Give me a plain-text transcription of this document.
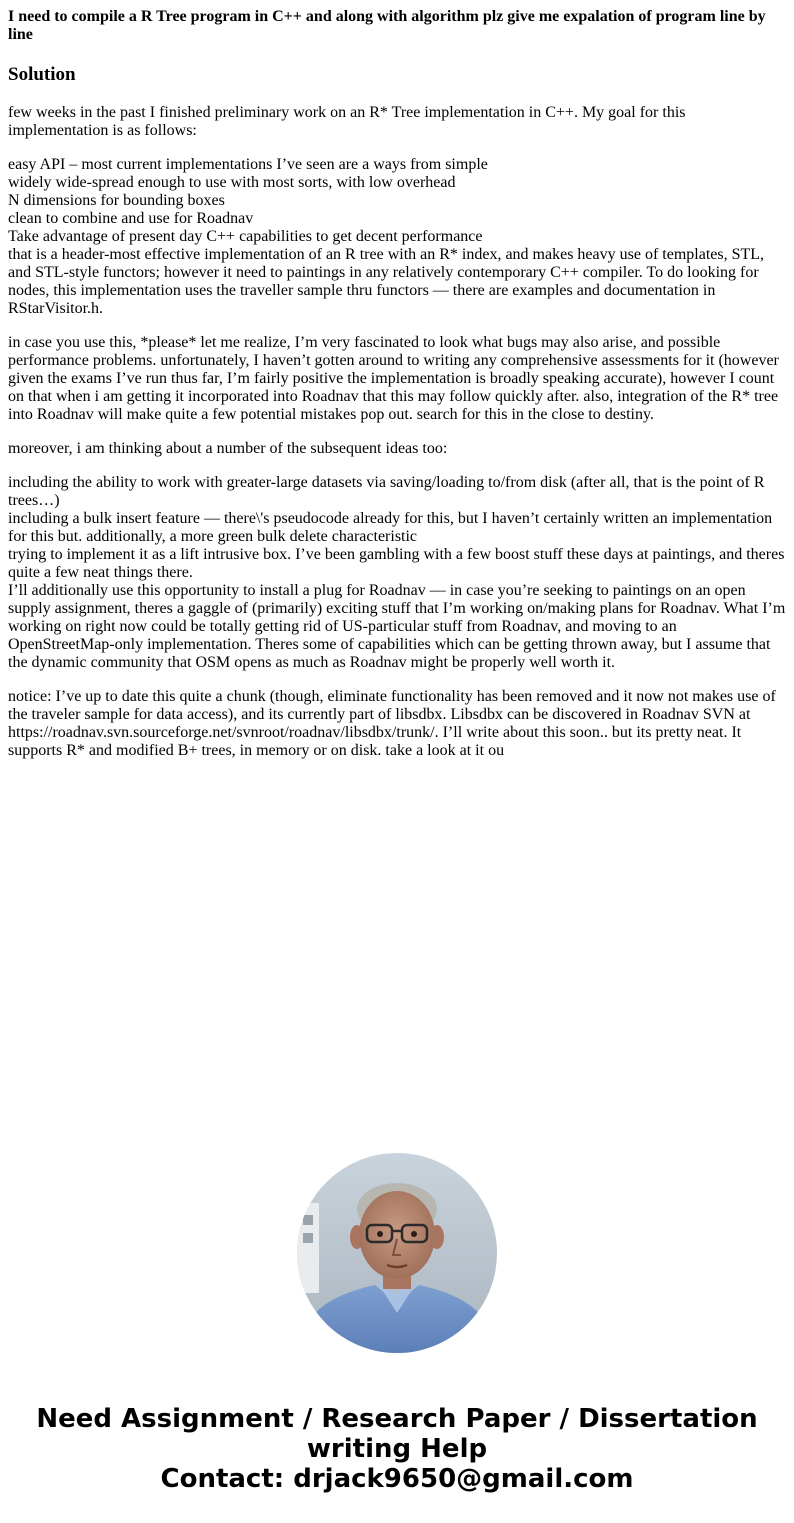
I need to compile a R Tree program in C++ and along with algorithm plz give me expalation of program line by line

Solution

few weeks in the past I finished preliminary work on an R* Tree implementation in C++. My goal for this implementation is as follows:

easy API – most current implementations I’ve seen are a ways from simple
widely wide-spread enough to use with most sorts, with low overhead
N dimensions for bounding boxes
clean to combine and use for Roadnav
Take advantage of present day C++ capabilities to get decent performance
that is a header-most effective implementation of an R tree with an R* index, and makes heavy use of templates, STL, and STL-style functors; however it need to paintings in any relatively contemporary C++ compiler. To do looking for nodes, this implementation uses the traveller sample thru functors — there are examples and documentation in RStarVisitor.h.

in case you use this, *please* let me realize, I’m very fascinated to look what bugs may also arise, and possible performance problems. unfortunately, I haven’t gotten around to writing any comprehensive assessments for it (however given the exams I’ve run thus far, I’m fairly positive the implementation is broadly speaking accurate), however I count on that when i am getting it incorporated into Roadnav that this may follow quickly after. also, integration of the R* tree into Roadnav will make quite a few potential mistakes pop out. search for this in the close to destiny.

moreover, i am thinking about a number of the subsequent ideas too:

including the ability to work with greater-large datasets via saving/loading to/from disk (after all, that is the point of R trees…)
including a bulk insert feature — there\'s pseudocode already for this, but I haven’t certainly written an implementation for this but. additionally, a more green bulk delete characteristic
trying to implement it as a lift intrusive box. I’ve been gambling with a few boost stuff these days at paintings, and theres quite a few neat things there.
I’ll additionally use this opportunity to install a plug for Roadnav — in case you’re seeking to paintings on an open supply assignment, theres a gaggle of (primarily) exciting stuff that I’m working on/making plans for Roadnav. What I’m working on right now could be totally getting rid of US-particular stuff from Roadnav, and moving to an OpenStreetMap-only implementation. Theres some of capabilities which can be getting thrown away, but I assume that the dynamic community that OSM opens as much as Roadnav might be properly well worth it.

notice: I’ve up to date this quite a chunk (though, eliminate functionality has been removed and it now not makes use of the traveler sample for data access), and its currently part of libsdbx. Libsdbx can be discovered in Roadnav SVN at https://roadnav.svn.sourceforge.net/svnroot/roadnav/libsdbx/trunk/. I’ll write about this soon.. but its pretty neat. It supports R* and modified B+ trees, in memory or on disk. take a look at it ou

Need Assignment / Research Paper / Dissertation
writing Help
Contact: drjack9650@gmail.com
